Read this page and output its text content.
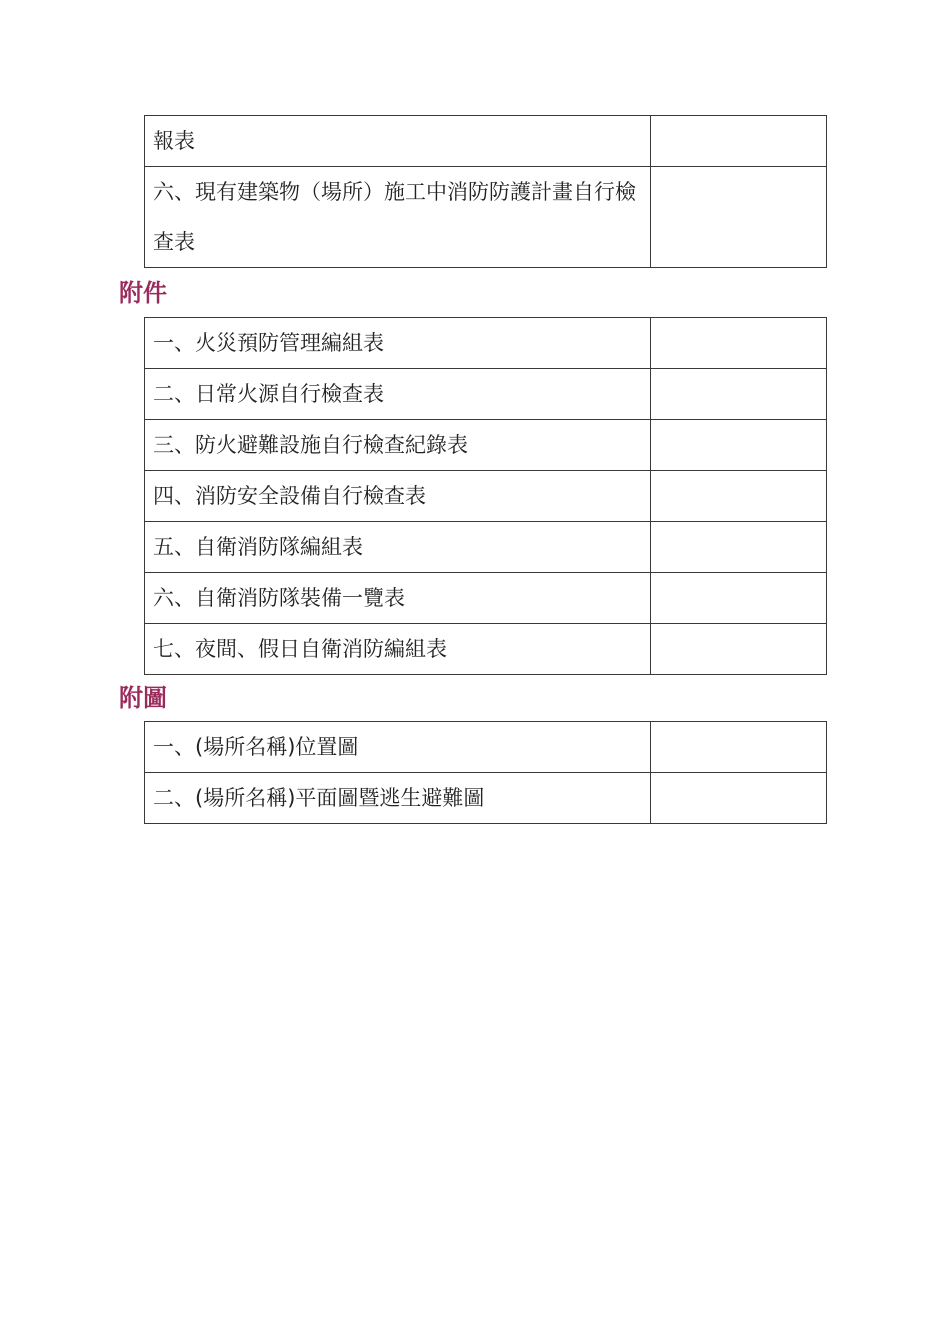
報表	
六、現有建築物（場所）施工中消防防護計畫自行檢查表	
附件
一、火災預防管理編組表	
二、日常火源自行檢查表	
三、防火避難設施自行檢查紀錄表	
四、消防安全設備自行檢查表	
五、自衛消防隊編組表	
六、自衛消防隊裝備一覽表	
七、夜間、假日自衛消防編組表	
附圖
一、(場所名稱)位置圖	
二、(場所名稱)平面圖暨逃生避難圖	
